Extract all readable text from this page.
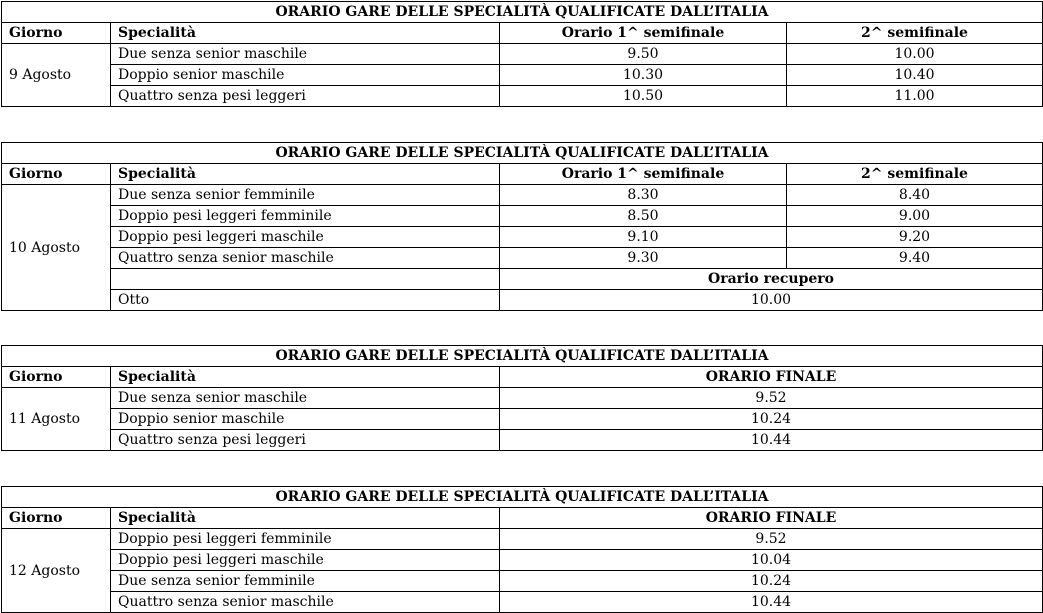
ORARIO GARE DELLE SPECIALITÀ QUALIFICATE DALL’ITALIA			
Giorno	Specialità	Orario 1^ semifinale	2^ semifinale
9 Agosto	Due senza senior maschile	9.50	10.00
	Doppio senior maschile	10.30	10.40
	Quattro senza pesi leggeri	10.50	11.00
ORARIO GARE DELLE SPECIALITÀ QUALIFICATE DALL’ITALIA			
Giorno	Specialità	Orario 1^ semifinale	2^ semifinale
10 Agosto	Due senza senior femminile	8.30	8.40
	Doppio pesi leggeri femminile	8.50	9.00
	Doppio pesi leggeri maschile	9.10	9.20
	Quattro senza senior maschile	9.30	9.40
		Orario recupero	
	Otto	10.00	
ORARIO GARE DELLE SPECIALITÀ QUALIFICATE DALL’ITALIA		
Giorno	Specialità	ORARIO FINALE
11 Agosto	Due senza senior maschile	9.52
	Doppio senior maschile	10.24
	Quattro senza pesi leggeri	10.44
ORARIO GARE DELLE SPECIALITÀ QUALIFICATE DALL’ITALIA		
Giorno	Specialità	ORARIO FINALE
12 Agosto	Doppio pesi leggeri femminile	9.52
	Doppio pesi leggeri maschile	10.04
	Due senza senior femminile	10.24
	Quattro senza senior maschile	10.44
